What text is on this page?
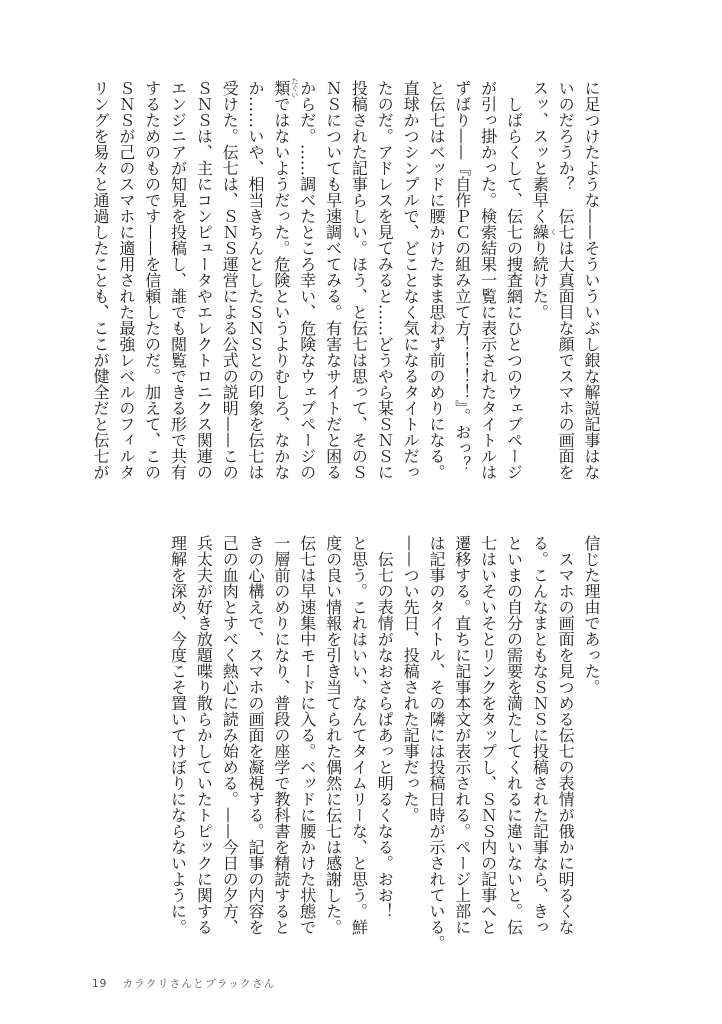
に足つけたような——そういういぶし銀な解説記事はな
いのだろうか？　伝七は大真面目な顔でスマホの画面を
スッ、スッと素早く繰 く
り続けた。
　しばらくして、伝七の捜査網にひとつのウェブページ
が引っ掛かった。検索結果一覧に表示されたタイトルは
ずばり——『自作ＰＣの組み立て方！！！！』。おっ？
と伝七はベッドに腰かけたまま思わず前のめりになる。
直球かつシンプルで、どことなく気になるタイトルだっ
たのだ。アドレスを見てみると……どうやら某ＳＮＳに
投稿された記事らしい。ほう、と伝七は思って、そのＳ
ＮＳについても早速調べてみる。有害なサイトだと困る
からだ。……調べたところ幸い、危険なウェブページの
類 たぐい
ではないようだった。危険というよりむしろ、なかな
か……いや、相当きちんとしたＳＮＳとの印象を伝七は
受けた。伝七は、ＳＮＳ運営による公式の説明——この
ＳＮＳは、主にコンピュータやエレクトロニクス関連の
エンジニアが知見を投稿し、誰でも閲覧できる形で共有
するためのものです——を信頼したのだ。加えて、この
ＳＮＳが己のスマホに適用された最強レベルのフィルタ
リングを易々と通過したことも、ここが健全だと伝七が
信じた理由であった。
　スマホの画面を見つめる伝七の表情が俄かに明るくな
る。こんなまともなＳＮＳに投稿された記事なら、きっ
といまの自分の需要を満たしてくれるに違いないと。伝
七はいそいそとリンクをタップし、ＳＮＳ内の記事へと
遷移する。直ちに記事本文が表示される。ページ上部に
は記事のタイトル、その隣には投稿日時が示されている。
——つい先日、投稿された記事だった。
　伝七の表情がなおさらぱあっと明るくなる。おお！
と思う。これはいい、なんてタイムリーな、と思う。鮮
度の良い情報を引き当てられた偶然に伝七は感謝した。
伝七は早速集中モードに入る。ベッドに腰かけた状態で
一層前のめりになり、普段の座学で教科書を精読すると
きの心構えで、スマホの画面を凝視する。記事の内容を
己の血肉とすべく熱心に読み始める。——今日の夕方、
兵太夫が好き放題喋り散らかしていたトピックに関する
理解を深め、今度こそ置いてけぼりにならないように。
19 カラクリさんとブラックさん
